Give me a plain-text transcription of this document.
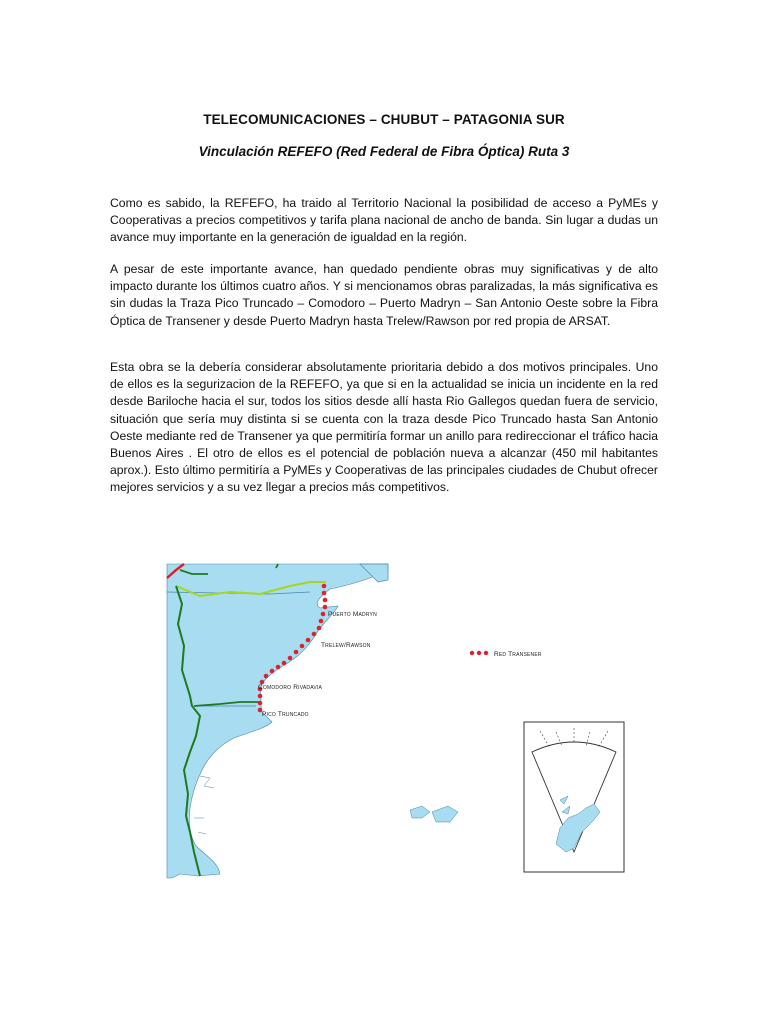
TELECOMUNICACIONES – CHUBUT – PATAGONIA SUR
Vinculación REFEFO (Red Federal de Fibra Óptica) Ruta 3

Como es sabido, la REFEFO, ha traido al Territorio Nacional la posibilidad de acceso a PyMEs y Cooperativas a precios competitivos y tarifa plana nacional de ancho de banda. Sin lugar a dudas un avance muy importante en la generación de igualdad en la región.

A pesar de este importante avance, han quedado pendiente obras muy significativas y de alto impacto durante los últimos cuatro años. Y si mencionamos obras paralizadas, la más significativa es sin dudas la Traza Pico Truncado – Comodoro – Puerto Madryn – San Antonio Oeste sobre la Fibra Óptica de Transener y desde Puerto Madryn hasta Trelew/Rawson por red propia de ARSAT.

Esta obra se la debería considerar absolutamente prioritaria debido a dos motivos principales. Uno de ellos es la segurizacion de la REFEFO, ya que si en la actualidad se inicia un incidente en la red desde Bariloche hacia el sur, todos los sitios desde allí hasta Rio Gallegos quedan fuera de servicio, situación que sería muy distinta si se cuenta con la traza desde Pico Truncado hasta San Antonio Oeste mediante red de Transener ya que permitiría formar un anillo para redireccionar el tráfico hacia Buenos Aires . El otro de ellos es el potencial de población nueva a alcanzar (450 mil habitantes aprox.). Esto último permitiría a PyMEs y Cooperativas de las principales ciudades de Chubut ofrecer mejores servicios y a su vez llegar a precios más competitivos.

Puerto Madryn
Trelew/Rawson
Comodoro Rivadavia
Pico Truncado
Red Transener
